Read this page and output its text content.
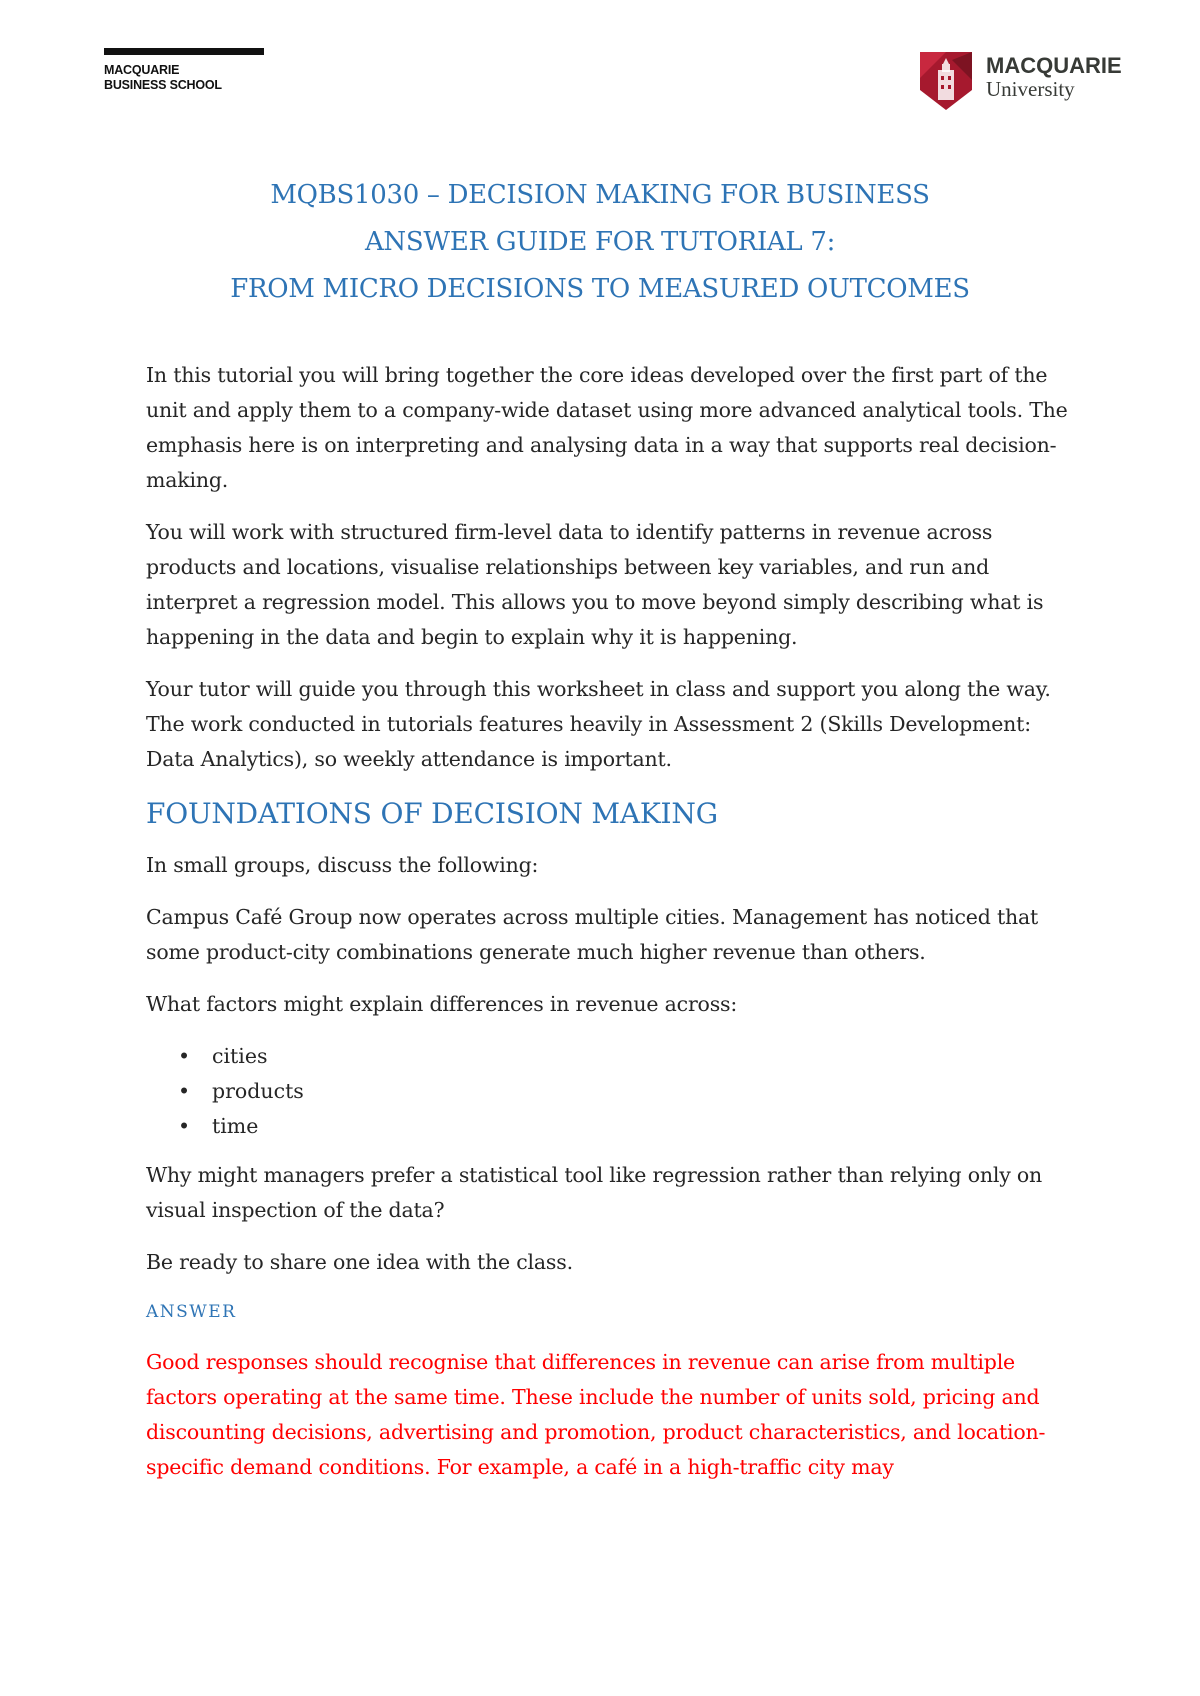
MACQUARIE
BUSINESS SCHOOL
MACQUARIE
University
MQBS1030 – DECISION MAKING FOR BUSINESS
ANSWER GUIDE FOR TUTORIAL 7:
FROM MICRO DECISIONS TO MEASURED OUTCOMES

In this tutorial you will bring together the core ideas developed over the first part of the unit and apply them to a company-wide dataset using more advanced analytical tools. The emphasis here is on interpreting and analysing data in a way that supports real decision-making.

You will work with structured firm-level data to identify patterns in revenue across products and locations, visualise relationships between key variables, and run and interpret a regression model. This allows you to move beyond simply describing what is happening in the data and begin to explain why it is happening.

Your tutor will guide you through this worksheet in class and support you along the way. The work conducted in tutorials features heavily in Assessment 2 (Skills Development: Data Analytics), so weekly attendance is important.

FOUNDATIONS OF DECISION MAKING

In small groups, discuss the following:

Campus Café Group now operates across multiple cities. Management has noticed that some product-city combinations generate much higher revenue than others.

What factors might explain differences in revenue across:

• cities
• products
• time

Why might managers prefer a statistical tool like regression rather than relying only on visual inspection of the data?

Be ready to share one idea with the class.

ANSWER

Good responses should recognise that differences in revenue can arise from multiple factors operating at the same time. These include the number of units sold, pricing and discounting decisions, advertising and promotion, product characteristics, and location-specific demand conditions. For example, a café in a high-traffic city may
